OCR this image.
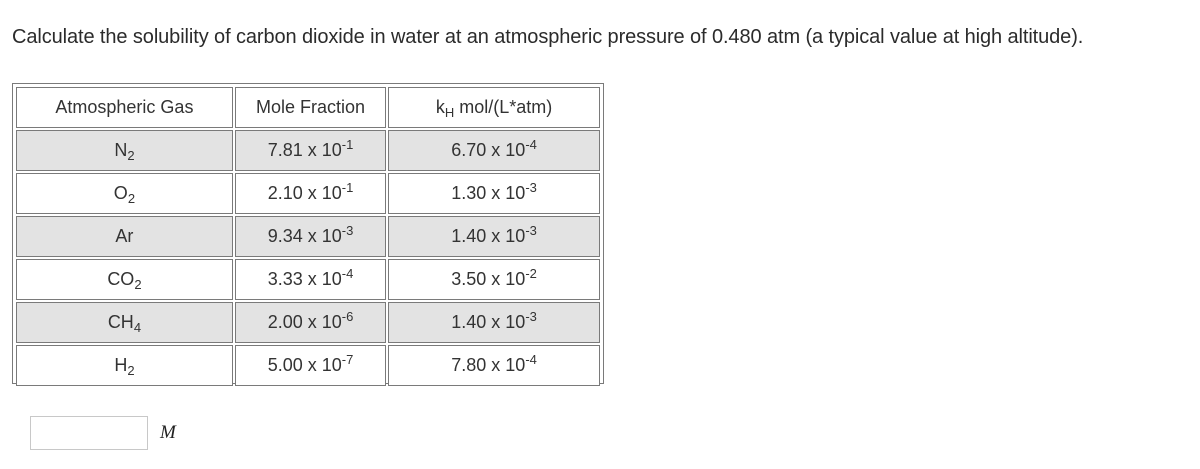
Calculate the solubility of carbon dioxide in water at an atmospheric pressure of 0.480 atm (a typical value at high altitude).
Atmospheric Gas	Mole Fraction	$k_H$ mol/(L*atm)
$N_2$	7.81 x $10^{-1}$	6.70 x $10^{-4}$
$O_2$	2.10 x $10^{-1}$	1.30 x $10^{-3}$
Ar	9.34 x $10^{-3}$	1.40 x $10^{-3}$
$CO_2$	3.33 x $10^{-4}$	3.50 x $10^{-2}$
$CH_4$	2.00 x $10^{-6}$	1.40 x $10^{-3}$
$H_2$	5.00 x $10^{-7}$	7.80 x $10^{-4}$
M
